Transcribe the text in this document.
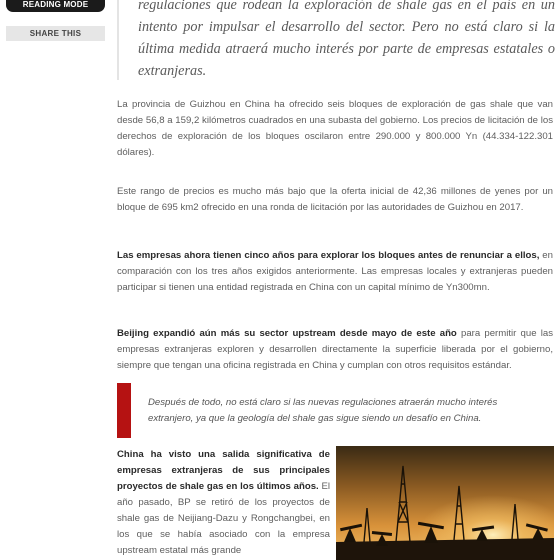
READING MODE
SHARE THIS

regulaciones que rodean la exploración de shale gas en el país en un intento por impulsar el desarrollo del sector. Pero no está claro si la última medida atraerá mucho interés por parte de empresas estatales o extranjeras.

La provincia de Guizhou en China ha ofrecido seis bloques de exploración de gas shale que van desde 56,8 a 159,2 kilómetros cuadrados en una subasta del gobierno. Los precios de licitación de los derechos de exploración de los bloques oscilaron entre 290.000 y 800.000 Yn (44.334-122.301 dólares).

Este rango de precios es mucho más bajo que la oferta inicial de 42,36 millones de yenes por un bloque de 695 km2 ofrecido en una ronda de licitación por las autoridades de Guizhou en 2017.

Las empresas ahora tienen cinco años para explorar los bloques antes de renunciar a ellos, en comparación con los tres años exigidos anteriormente. Las empresas locales y extranjeras pueden participar si tienen una entidad registrada en China con un capital mínimo de Yn300mn.

Beijing expandió aún más su sector upstream desde mayo de este año para permitir que las empresas extranjeras exploren y desarrollen directamente la superficie liberada por el gobierno, siempre que tengan una oficina registrada en China y cumplan con otros requisitos estándar.

Después de todo, no está claro si las nuevas regulaciones atraerán mucho interés extranjero, ya que la geología del shale gas sigue siendo un desafío en China.

China ha visto una salida significativa de empresas extranjeras de sus principales proyectos de shale gas en los últimos años. El año pasado, BP se retiró de los proyectos de shale gas de Neijiang-Dazu y Rongchangbei, en los que se había asociado con la empresa upstream estatal más grande
